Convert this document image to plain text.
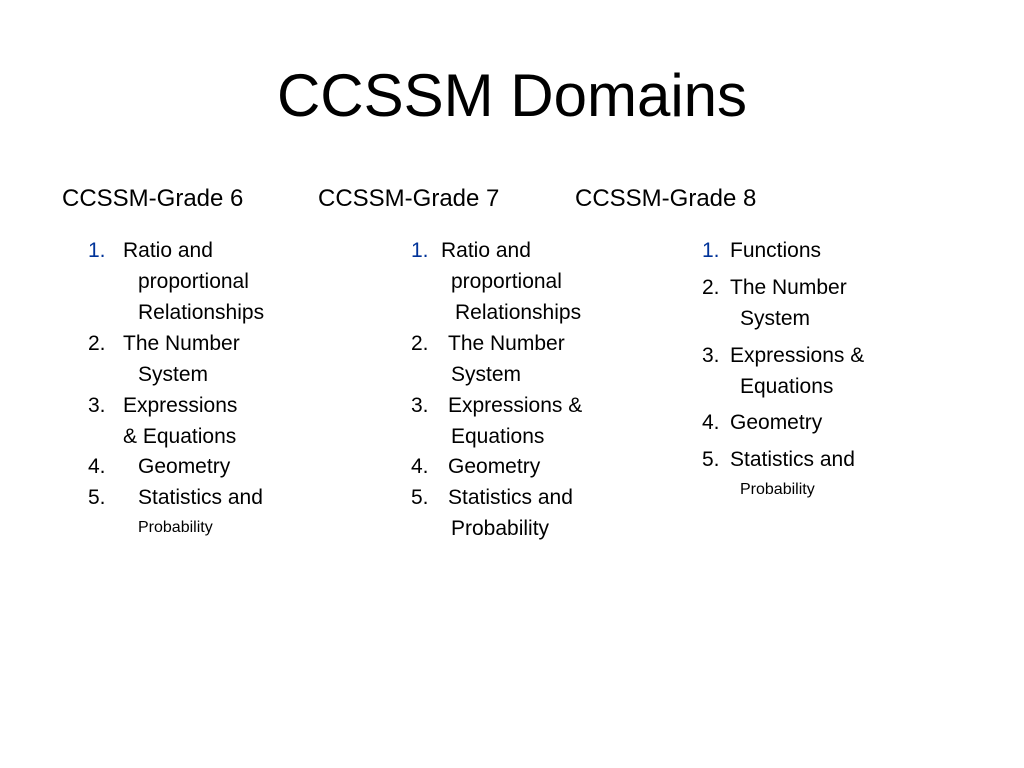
CCSSM Domains
CCSSM-Grade 6	CCSSM-Grade 7	CCSSM-Grade 8
1. Ratio and
proportional
Relationships
2. The Number
System
3. Expressions
& Equations
4. Geometry
5. Statistics and
Probability
1. Ratio and
proportional
Relationships
2. The Number
System
3. Expressions &
Equations
4. Geometry
5. Statistics and
Probability
1. Functions
2. The Number
System
3. Expressions &
Equations
4. Geometry
5. Statistics and
Probability
